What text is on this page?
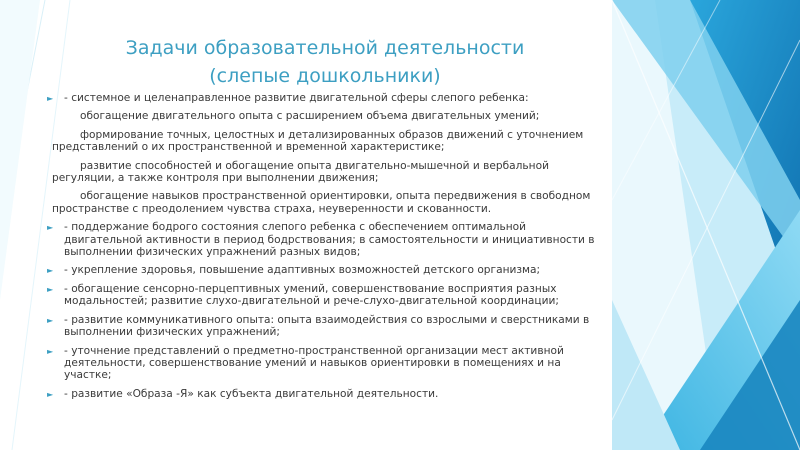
Задачи образовательной деятельности
(слепые дошкольники)
► - системное и целенаправленное развитие двигательной сферы слепого ребенка:
обогащение двигательного опыта с расширением объема двигательных умений;
формирование точных, целостных и детализированных образов движений с уточнением представлений о их пространственной и временной характеристике;
развитие способностей и обогащение опыта двигательно-мышечной и вербальной регуляции, а также контроля при выполнении движения;
обогащение навыков пространственной ориентировки, опыта передвижения в свободном пространстве с преодолением чувства страха, неуверенности и скованности.
► - поддержание бодрого состояния слепого ребенка с обеспечением оптимальной двигательной активности в период бодрствования; в самостоятельности и инициативности в выполнении физических упражнений разных видов;
► - укрепление здоровья, повышение адаптивных возможностей детского организма;
► - обогащение сенсорно-перцептивных умений, совершенствование восприятия разных модальностей; развитие слухо-двигательной и рече-слухо-двигательной координации;
► - развитие коммуникативного опыта: опыта взаимодействия со взрослыми и сверстниками в выполнении физических упражнений;
► - уточнение представлений о предметно-пространственной организации мест активной деятельности, совершенствование умений и навыков ориентировки в помещениях и на участке;
► - развитие «Образа -Я» как субъекта двигательной деятельности.
